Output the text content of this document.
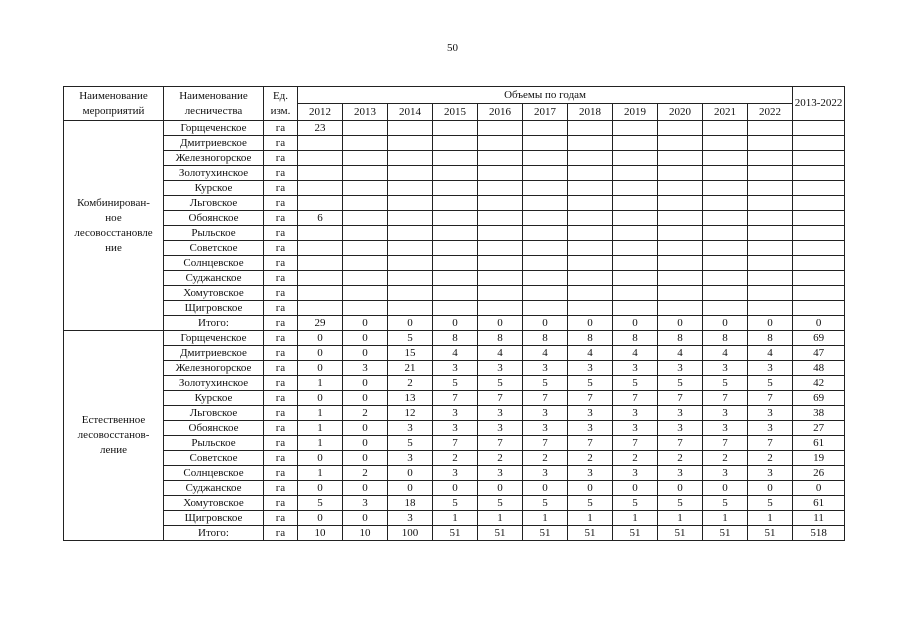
50
Наименование мероприятий	Наименование лесничества	Ед. изм.	Объемы по годам											2013-2022
			2012	2013	2014	2015	2016	2017	2018	2019	2020	2021	2022	
Комбинирован-
ное
лесовосстановле
ние	Горщеченское	га	23											
	Дмитриевское	га												
	Железногорское	га												
	Золотухинское	га												
	Курское	га												
	Льговское	га												
	Обоянское	га	6											
	Рыльское	га												
	Советское	га												
	Солнцевское	га												
	Суджанское	га												
	Хомутовское	га												
	Щигровское	га												
	Итого:	га	29	0	0	0	0	0	0	0	0	0	0	0
Естественное
лесовосстанов-
ление	Горщеченское	га	0	0	5	8	8	8	8	8	8	8	8	69
	Дмитриевское	га	0	0	15	4	4	4	4	4	4	4	4	47
	Железногорское	га	0	3	21	3	3	3	3	3	3	3	3	48
	Золотухинское	га	1	0	2	5	5	5	5	5	5	5	5	42
	Курское	га	0	0	13	7	7	7	7	7	7	7	7	69
	Льговское	га	1	2	12	3	3	3	3	3	3	3	3	38
	Обоянское	га	1	0	3	3	3	3	3	3	3	3	3	27
	Рыльское	га	1	0	5	7	7	7	7	7	7	7	7	61
	Советское	га	0	0	3	2	2	2	2	2	2	2	2	19
	Солнцевское	га	1	2	0	3	3	3	3	3	3	3	3	26
	Суджанское	га	0	0	0	0	0	0	0	0	0	0	0	0
	Хомутовское	га	5	3	18	5	5	5	5	5	5	5	5	61
	Щигровское	га	0	0	3	1	1	1	1	1	1	1	1	11
	Итого:	га	10	10	100	51	51	51	51	51	51	51	51	518
